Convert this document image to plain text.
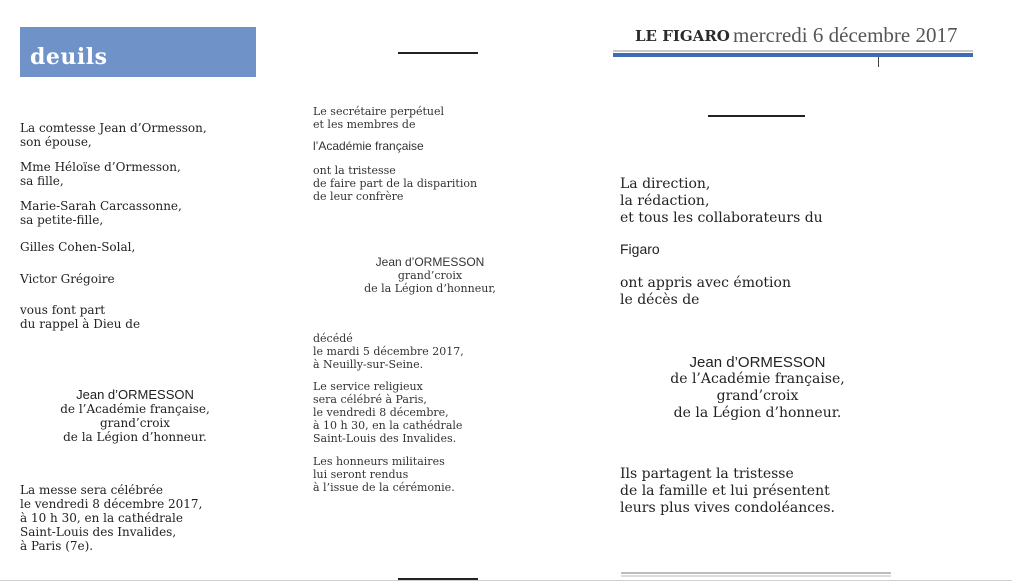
deuils
LE FIGARO mercredi 6 décembre 2017

La comtesse Jean d’Ormesson,

son épouse,

Mme Héloïse d’Ormesson,

sa fille,

Marie-Sarah Carcassonne,

sa petite-fille,

Gilles Cohen-Solal,

Victor Grégoire

vous font part

du rappel à Dieu de

Jean d’ORMESSON

de l’Académie française,

grand’croix

de la Légion d’honneur.

La messe sera célébrée

le vendredi 8 décembre 2017,

à 10 h 30, en la cathédrale

Saint-Louis des Invalides,

à Paris (7e).

Le secrétaire perpétuel

et les membres de

l’Académie française

ont la tristesse

de faire part de la disparition

de leur confrère

Jean d’ORMESSON

grand’croix

de la Légion d’honneur,

décédé

le mardi 5 décembre 2017,

à Neuilly-sur-Seine.

Le service religieux

sera célébré à Paris,

le vendredi 8 décembre,

à 10 h 30, en la cathédrale

Saint-Louis des Invalides.

Les honneurs militaires

lui seront rendus

à l’issue de la cérémonie.

La direction,

la rédaction,

et tous les collaborateurs du

Figaro

ont appris avec émotion

le décès de

Jean d’ORMESSON

de l’Académie française,

grand’croix

de la Légion d’honneur.

Ils partagent la tristesse

de la famille et lui présentent

leurs plus vives condoléances.
